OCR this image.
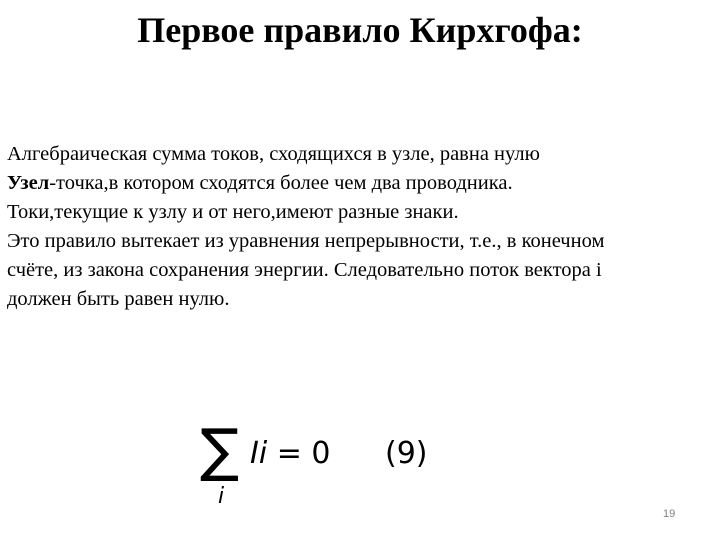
Первое правило Кирхгофа:
Алгебраическая сумма токов, сходящихся в узле, равна нулю
Узел-точка,в котором сходятся более чем два проводника.
Токи,текущие к узлу и от него,имеют разные знаки.
Это правило вытекает из уравнения непрерывности, т.е., в конечном
счёте, из закона сохранения энергии. Следовательно поток вектора i
должен быть равен нулю.
∑
i
Ii = 0 (9)
19
